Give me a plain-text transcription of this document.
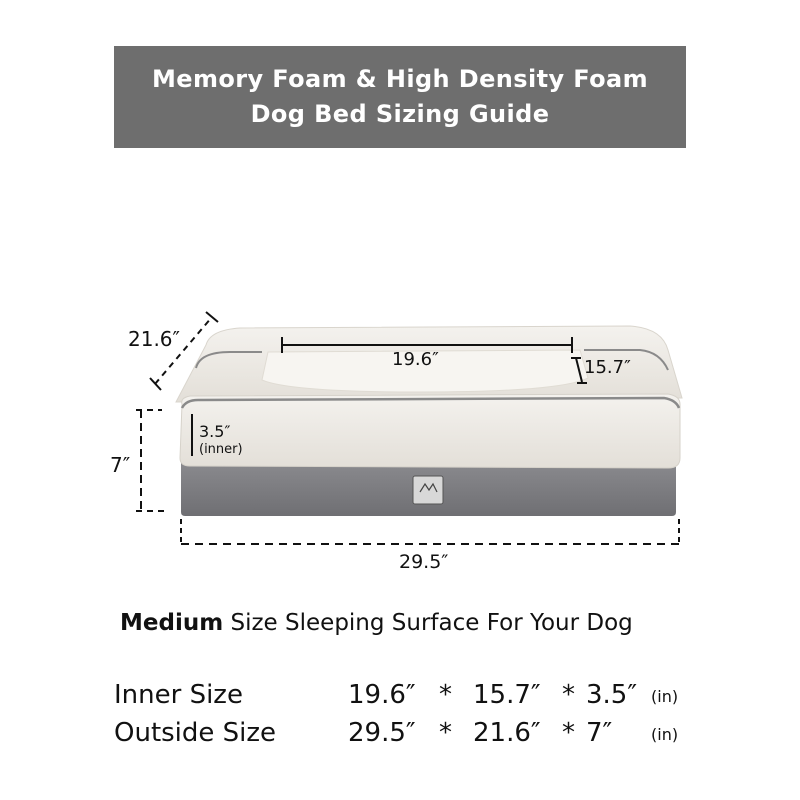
Memory Foam & High Density Foam
Dog Bed Sizing Guide
21.6″
19.6″	15.7″
3.5″
(inner)
7″
29.5″
Medium Size Sleeping Surface For Your Dog
Inner Size	19.6″ * 15.7″ * 3.5″ (in)
Outside Size	29.5″ * 21.6″ * 7″ (in)
